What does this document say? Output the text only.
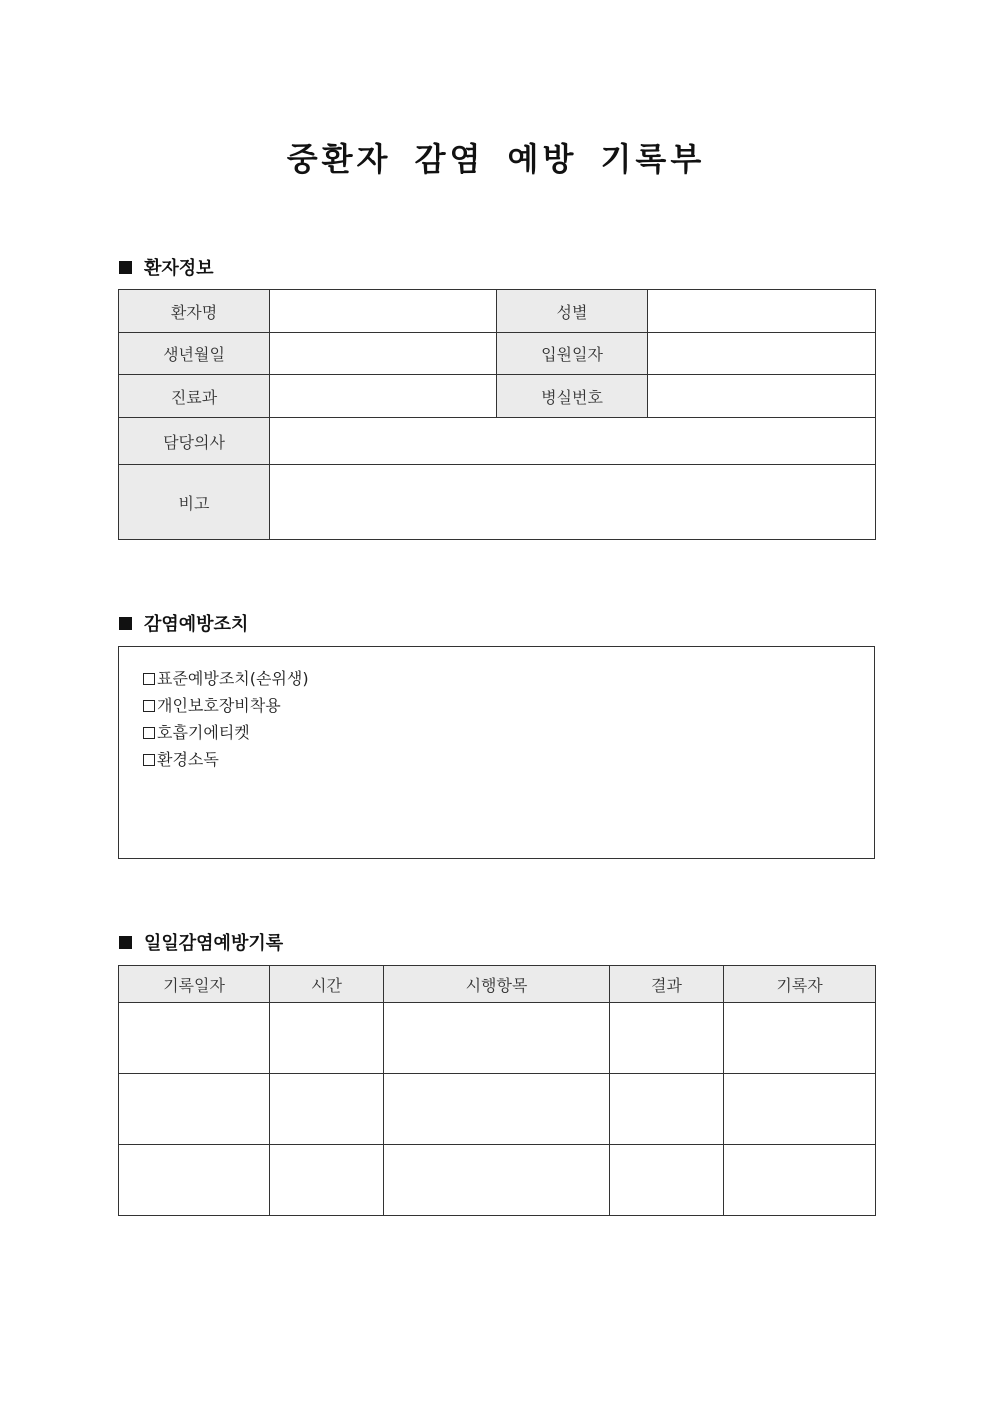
중환자 감염 예방 기록부
환자정보
환자명		성별	
생년월일		입원일자	
진료과		병실번호	
담당의사			
비고			
감염예방조치
표준예방조치(손위생)
개인보호장비착용
호흡기에티켓
환경소독
일일감염예방기록
기록일자	시간	시행항목	결과	기록자
